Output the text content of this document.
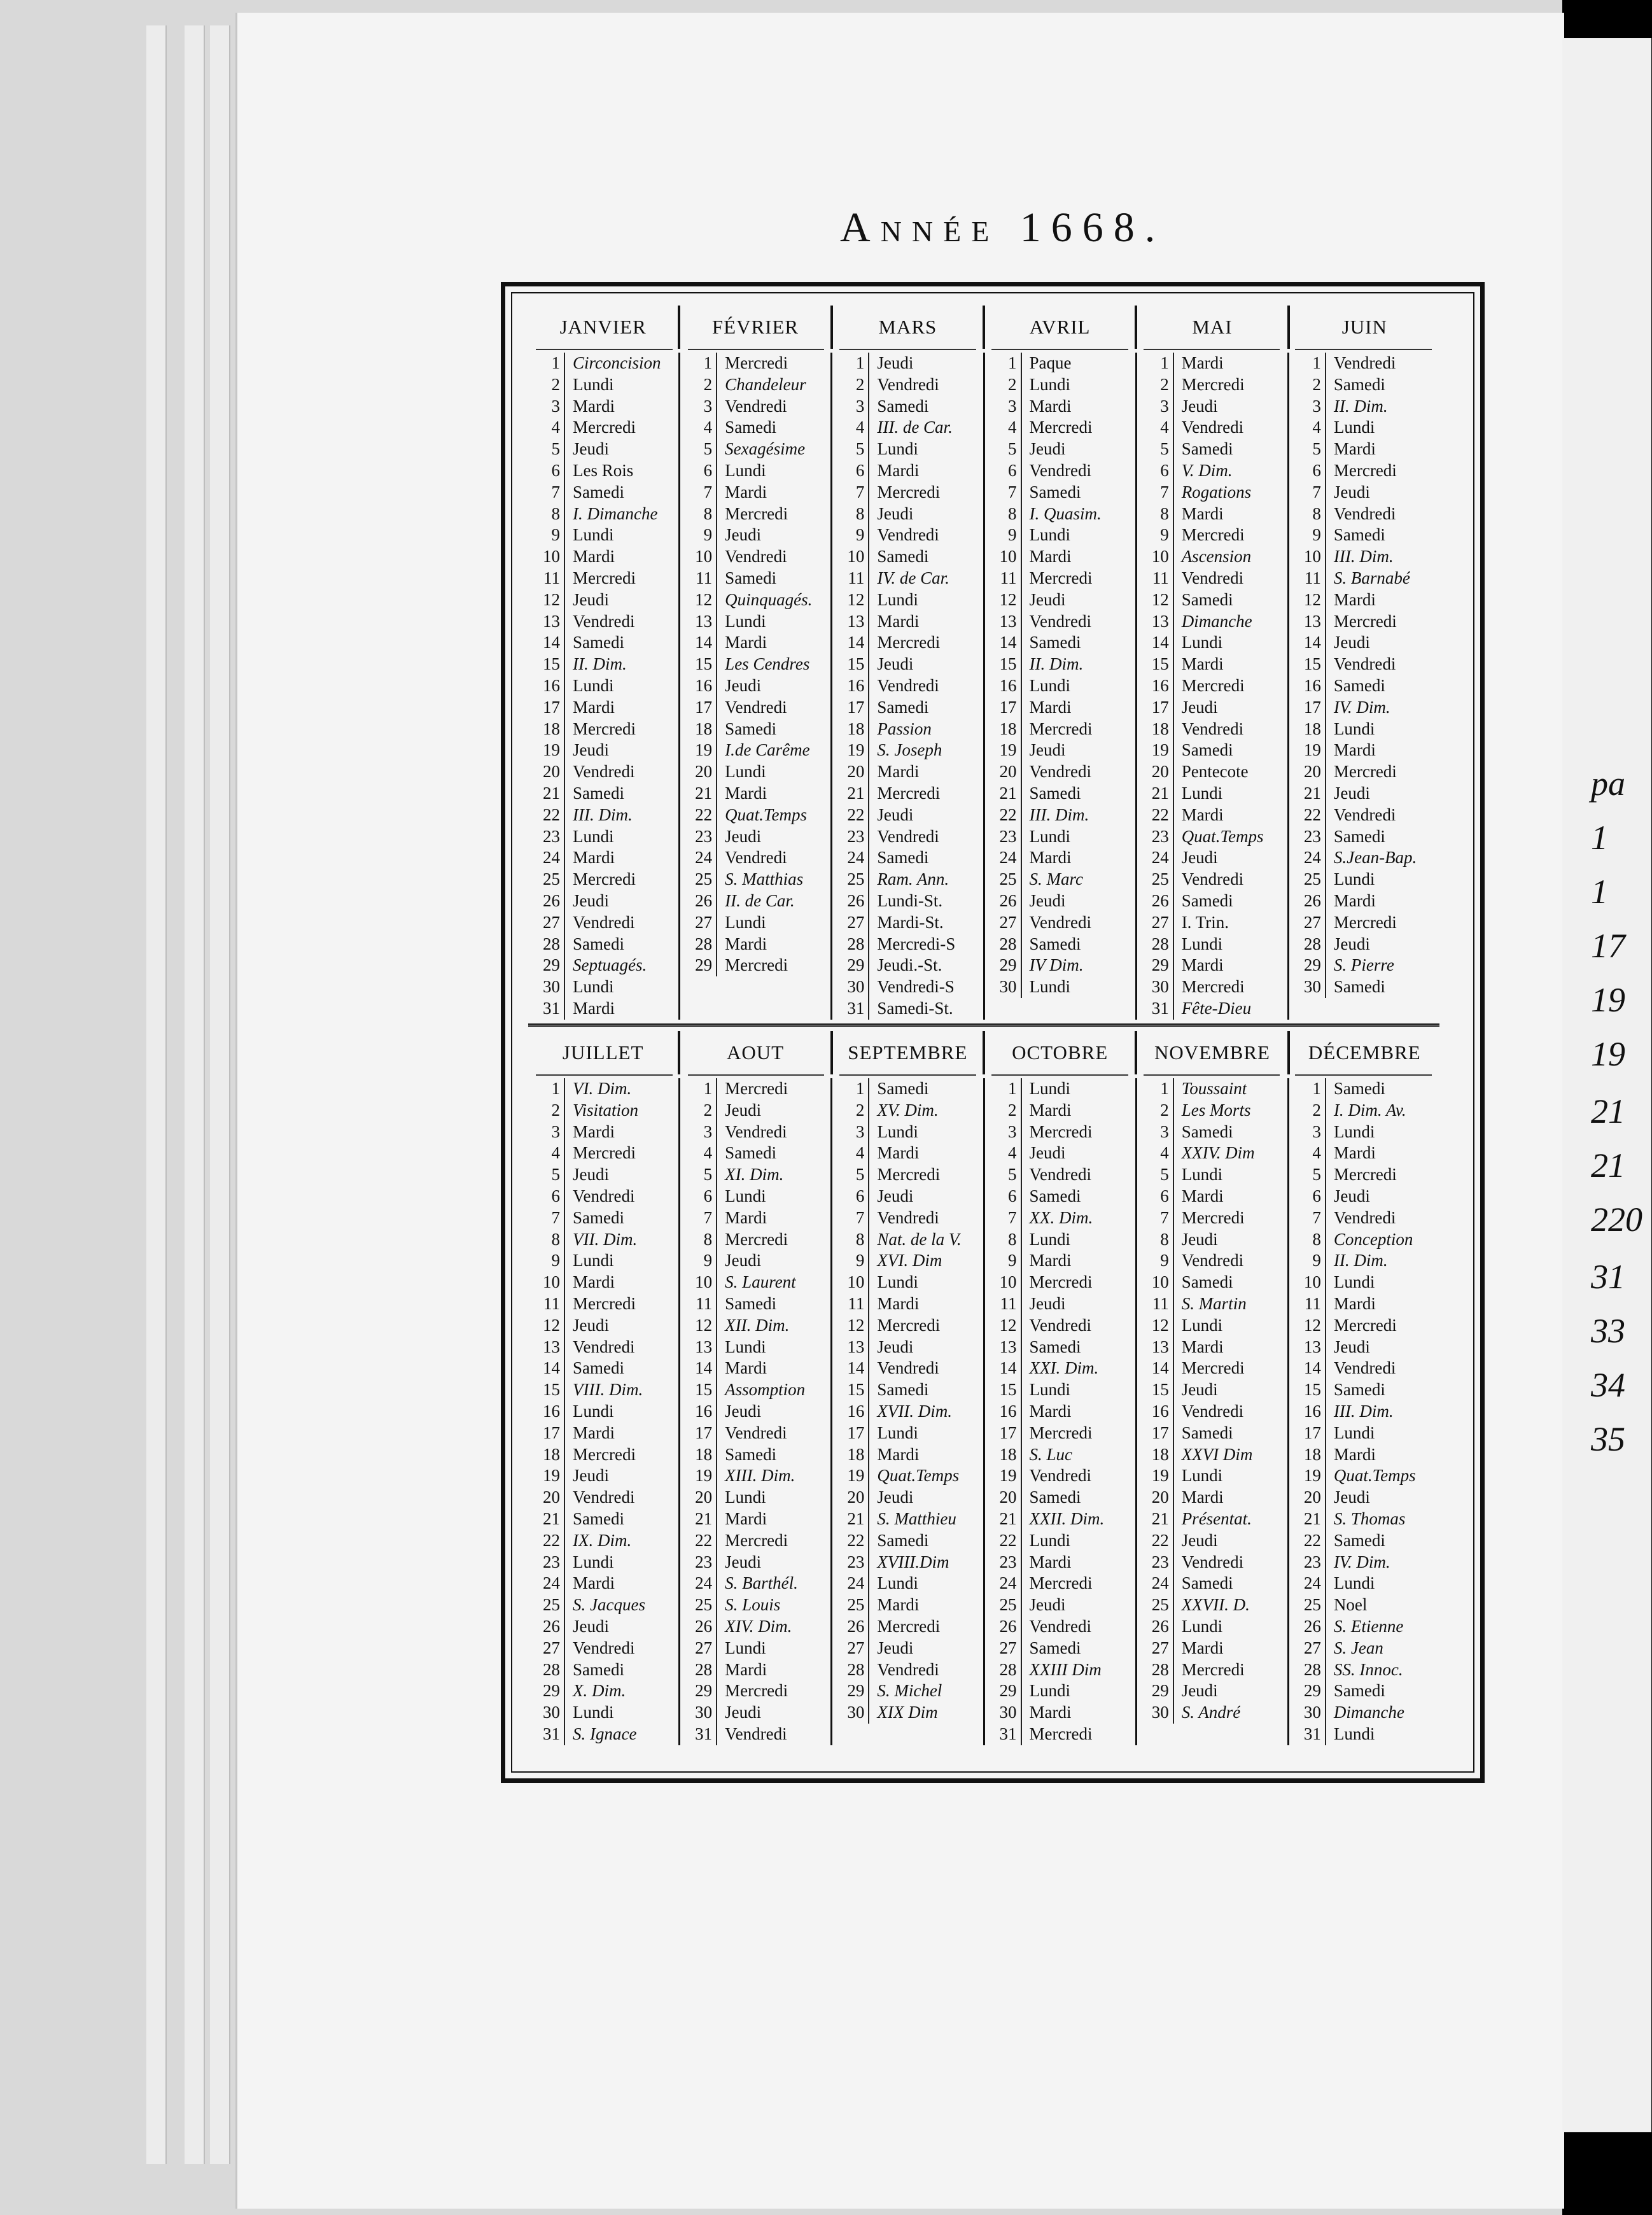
pa
1
1
17
19
19
21
21
220
31
33
34
35
Année 1668.
JANVIER	FÉVRIER	MARS	AVRIL	MAI	JUIN
1 Circoncision
2 Lundi
3 Mardi
4 Mercredi
5 Jeudi
6 Les Rois
7 Samedi
8 I. Dimanche
9 Lundi
10 Mardi
11 Mercredi
12 Jeudi
13 Vendredi
14 Samedi
15 II. Dim.
16 Lundi
17 Mardi
18 Mercredi
19 Jeudi
20 Vendredi
21 Samedi
22 III. Dim.
23 Lundi
24 Mardi
25 Mercredi
26 Jeudi
27 Vendredi
28 Samedi
29 Septuagés.
30 Lundi
31 Mardi
1 Mercredi
2 Chandeleur
3 Vendredi
4 Samedi
5 Sexagésime
6 Lundi
7 Mardi
8 Mercredi
9 Jeudi
10 Vendredi
11 Samedi
12 Quinquagés.
13 Lundi
14 Mardi
15 Les Cendres
16 Jeudi
17 Vendredi
18 Samedi
19 I.de Carême
20 Lundi
21 Mardi
22 Quat.Temps
23 Jeudi
24 Vendredi
25 S. Matthias
26 II. de Car.
27 Lundi
28 Mardi
29 Mercredi
1 Jeudi
2 Vendredi
3 Samedi
4 III. de Car.
5 Lundi
6 Mardi
7 Mercredi
8 Jeudi
9 Vendredi
10 Samedi
11 IV. de Car.
12 Lundi
13 Mardi
14 Mercredi
15 Jeudi
16 Vendredi
17 Samedi
18 Passion
19 S. Joseph
20 Mardi
21 Mercredi
22 Jeudi
23 Vendredi
24 Samedi
25 Ram. Ann.
26 Lundi-St.
27 Mardi-St.
28 Mercredi-S
29 Jeudi.-St.
30 Vendredi-S
31 Samedi-St.
1 Paque
2 Lundi
3 Mardi
4 Mercredi
5 Jeudi
6 Vendredi
7 Samedi
8 I. Quasim.
9 Lundi
10 Mardi
11 Mercredi
12 Jeudi
13 Vendredi
14 Samedi
15 II. Dim.
16 Lundi
17 Mardi
18 Mercredi
19 Jeudi
20 Vendredi
21 Samedi
22 III. Dim.
23 Lundi
24 Mardi
25 S. Marc
26 Jeudi
27 Vendredi
28 Samedi
29 IV Dim.
30 Lundi
1 Mardi
2 Mercredi
3 Jeudi
4 Vendredi
5 Samedi
6 V. Dim.
7 Rogations
8 Mardi
9 Mercredi
10 Ascension
11 Vendredi
12 Samedi
13 Dimanche
14 Lundi
15 Mardi
16 Mercredi
17 Jeudi
18 Vendredi
19 Samedi
20 Pentecote
21 Lundi
22 Mardi
23 Quat.Temps
24 Jeudi
25 Vendredi
26 Samedi
27 I. Trin.
28 Lundi
29 Mardi
30 Mercredi
31 Fête-Dieu
1 Vendredi
2 Samedi
3 II. Dim.
4 Lundi
5 Mardi
6 Mercredi
7 Jeudi
8 Vendredi
9 Samedi
10 III. Dim.
11 S. Barnabé
12 Mardi
13 Mercredi
14 Jeudi
15 Vendredi
16 Samedi
17 IV. Dim.
18 Lundi
19 Mardi
20 Mercredi
21 Jeudi
22 Vendredi
23 Samedi
24 S.Jean-Bap.
25 Lundi
26 Mardi
27 Mercredi
28 Jeudi
29 S. Pierre
30 Samedi
JUILLET	AOUT	SEPTEMBRE	OCTOBRE	NOVEMBRE	DÉCEMBRE
1 VI. Dim.
2 Visitation
3 Mardi
4 Mercredi
5 Jeudi
6 Vendredi
7 Samedi
8 VII. Dim.
9 Lundi
10 Mardi
11 Mercredi
12 Jeudi
13 Vendredi
14 Samedi
15 VIII. Dim.
16 Lundi
17 Mardi
18 Mercredi
19 Jeudi
20 Vendredi
21 Samedi
22 IX. Dim.
23 Lundi
24 Mardi
25 S. Jacques
26 Jeudi
27 Vendredi
28 Samedi
29 X. Dim.
30 Lundi
31 S. Ignace
1 Mercredi
2 Jeudi
3 Vendredi
4 Samedi
5 XI. Dim.
6 Lundi
7 Mardi
8 Mercredi
9 Jeudi
10 S. Laurent
11 Samedi
12 XII. Dim.
13 Lundi
14 Mardi
15 Assomption
16 Jeudi
17 Vendredi
18 Samedi
19 XIII. Dim.
20 Lundi
21 Mardi
22 Mercredi
23 Jeudi
24 S. Barthél.
25 S. Louis
26 XIV. Dim.
27 Lundi
28 Mardi
29 Mercredi
30 Jeudi
31 Vendredi
1 Samedi
2 XV. Dim.
3 Lundi
4 Mardi
5 Mercredi
6 Jeudi
7 Vendredi
8 Nat. de la V.
9 XVI. Dim
10 Lundi
11 Mardi
12 Mercredi
13 Jeudi
14 Vendredi
15 Samedi
16 XVII. Dim.
17 Lundi
18 Mardi
19 Quat.Temps
20 Jeudi
21 S. Matthieu
22 Samedi
23 XVIII.Dim
24 Lundi
25 Mardi
26 Mercredi
27 Jeudi
28 Vendredi
29 S. Michel
30 XIX Dim
1 Lundi
2 Mardi
3 Mercredi
4 Jeudi
5 Vendredi
6 Samedi
7 XX. Dim.
8 Lundi
9 Mardi
10 Mercredi
11 Jeudi
12 Vendredi
13 Samedi
14 XXI. Dim.
15 Lundi
16 Mardi
17 Mercredi
18 S. Luc
19 Vendredi
20 Samedi
21 XXII. Dim.
22 Lundi
23 Mardi
24 Mercredi
25 Jeudi
26 Vendredi
27 Samedi
28 XXIII Dim
29 Lundi
30 Mardi
31 Mercredi
1 Toussaint
2 Les Morts
3 Samedi
4 XXIV. Dim
5 Lundi
6 Mardi
7 Mercredi
8 Jeudi
9 Vendredi
10 Samedi
11 S. Martin
12 Lundi
13 Mardi
14 Mercredi
15 Jeudi
16 Vendredi
17 Samedi
18 XXVI Dim
19 Lundi
20 Mardi
21 Présentat.
22 Jeudi
23 Vendredi
24 Samedi
25 XXVII. D.
26 Lundi
27 Mardi
28 Mercredi
29 Jeudi
30 S. André
1 Samedi
2 I. Dim. Av.
3 Lundi
4 Mardi
5 Mercredi
6 Jeudi
7 Vendredi
8 Conception
9 II. Dim.
10 Lundi
11 Mardi
12 Mercredi
13 Jeudi
14 Vendredi
15 Samedi
16 III. Dim.
17 Lundi
18 Mardi
19 Quat.Temps
20 Jeudi
21 S. Thomas
22 Samedi
23 IV. Dim.
24 Lundi
25 Noel
26 S. Etienne
27 S. Jean
28 SS. Innoc.
29 Samedi
30 Dimanche
31 Lundi
